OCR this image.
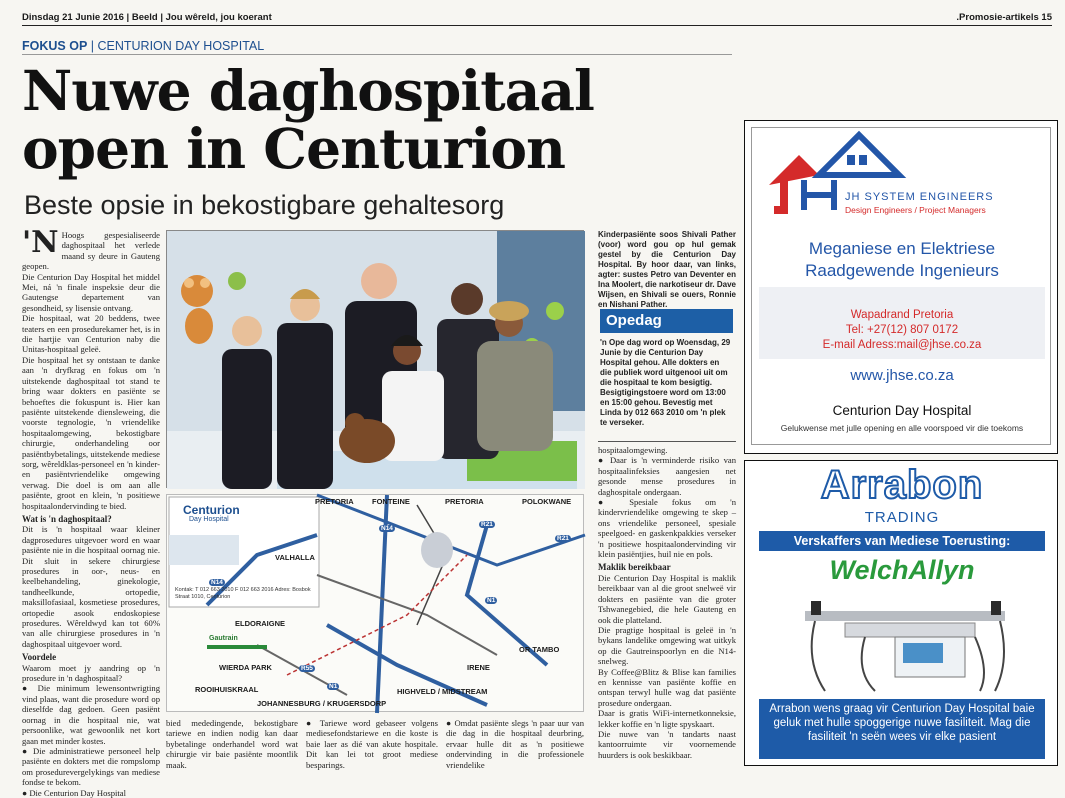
Dinsdag 21 Junie 2016 | Beeld | Jou wêreld, jou koerant	.Promosie-artikels 15
FOKUS OP | CENTURION DAY HOSPITAL
Nuwe daghospitaal
open in Centurion
Beste opsie in bekostigbare gehaltesorg
'N Hoogs gespesialiseerde daghospitaal het verlede maand sy deure in Gauteng geopen.

Die Centurion Day Hospital het middel Mei, ná 'n finale inspeksie deur die Gautengse departement van gesondheid, sy lisensie ontvang.

Die hospitaal, wat 20 beddens, twee teaters en een prosedurekamer het, is in die hartjie van Centurion naby die Unitas-hospitaal geleë.

Die hospitaal het sy ontstaan te danke aan 'n dryfkrag en fokus om 'n uitstekende daghospitaal tot stand te bring waar dokters en pasiënte se behoeftes die fokuspunt is. Hier kan pasiënte uitstekende diensleweing, die voorste tegnologie, 'n vriendelike hospitaalomgewing, bekostigbare chirurgie, onderhandeling oor pasiëntbybetalings, uitstekende mediese sorg, wêreldklas-personeel en 'n kinder- en pasiëntvriendelike omgewing verwag. Die doel is om aan alle pasiënte, groot en klein, 'n positiewe hospitaalondervinding te bied.

Wat is 'n daghospitaal?

Dit is 'n hospitaal waar kleiner dagprosedures uitgevoer word en waar pasiënte nie in die hospitaal oornag nie. Dit sluit in sekere chirurgiese prosedures in oor-, neus- en keelbehandeling, ginekologie, tandheelkunde, ortopedie, maksillofasiaal, kosmetiese prosedures, ortopedie asook endoskopiese prosedures. Wêreldwyd kan tot 60% van alle chirurgiese prosedures in 'n daghospitaal uitgevoer word.

Voordele

Waarom moet jy aandring op 'n prosedure in 'n daghospitaal?

● Die minimum lewensontwrigting vind plaas, want die prosedure word op dieselfde dag gedoen. Geen pasiënt oornag in die hospitaal nie, wat persoonlike, wat gewoonlik net kort gaan met minder kostes.

● Die administratiewe personeel help pasiënte en dokters met die rompslomp om prosedurevergelykings van mediese fondse te bekom.

● Die Centurion Day Hospital

Kinderpasiënte soos Shivali Pather (voor) word gou op hul gemak gestel by die Centurion Day Hospital. By hoor daar, van links, agter: sustes Petro van Deventer en Ina Moolert, die narkotiseur dr. Dave Wijsen, en Shivali se ouers, Ronnie en Nishani Pather.
Opedag
'n Ope dag word op Woensdag, 29 Junie by die Centurion Day Hospital gehou. Alle dokters en die publiek word uitgenooi uit om die hospitaal te kom besigtig. Besigtigingstoere word om 13:00 en 15:00 gehou. Bevestig met Linda by 012 663 2010 om 'n plek te verseker.

hospitaalomgewing.

● Daar is 'n verminderde risiko van hospitaalinfeksies aangesien net gesonde mense prosedures in daghospitale ondergaan.

● Spesiale fokus om 'n kindervriendelike omgewing te skep – ons vriendelike personeel, spesiale speelgoed- en gaskenkpakkies verseker 'n positiewe hospitaalondervinding vir klein pasiëntjies, huil nie en pols.

Maklik bereikbaar

Die Centurion Day Hospital is maklik bereikbaar van al die groot snelweë vir dokters en pasiënte van die groter Tshwanegebied, die hele Gauteng en ook die platteland.

Die pragtige hospitaal is geleë in 'n bykans landelike omgewing wat uitkyk op die Gautreinspoorlyn en die N14-snelweg.

By Coffee@Blitz & Blise kan families en kennisse van pasiënte koffie en ontspan terwyl hulle wag dat pasiënte prosedure ondergaan.

Daar is gratis WiFi-internetkonneksie, lekker koffie en 'n ligte spyskaart.

Die nuwe van 'n tandarts naast kantoorruimte vir voornemende huurders is ook beskikbaar.

Centurion
Day Hospital
Kontak: T 012 663 2010 F 012 663 2016 Adres: Bosbok Straat 1010, Centurion
Gautrain
PRETORIA FONTEINE	PRETORIA	POLOKWANE
VALHALLA
ELDORAIGNE
WIERDA PARK
ROOIHUISKRAAL
IRENE
OR TAMBO
HIGHVELD / MIDSTREAM
JOHANNESBURG / KRUGERSDORP
N14
R21
N1
R55
N14
R21
N1
bied mededingende, bekostigbare tariewe en indien nodig kan daar bybetalinge onderhandel word wat chirurgie vir baie pasiënte moontlik maak.
● Tariewe word gebaseer volgens mediesefondstariewe en die koste is baie laer as dié van akute hospitale. Dit kan lei tot groot mediese besparings.
● Omdat pasiënte slegs 'n paar uur van die dag in die hospitaal deurbring, ervaar hulle dit as 'n positiewe ondervinding in die professionele vriendelike
JH SYSTEM ENGINEERS
Design Engineers / Project Managers
Meganiese en Elektriese
Raadgewende Ingenieurs
Wapadrand Pretoria
Tel: +27(12) 807 0172
E-mail Adress:mail@jhse.co.za
www.jhse.co.za
Centurion Day Hospital
Gelukwense met julle opening en alle voorspoed vir die toekoms
Arrabon
TRADING
Verskaffers van Mediese Toerusting:
WelchAllyn
Arrabon wens graag vir Centurion Day Hospital baie geluk met hulle spoggerige nuwe fasiliteit. Mag die fasiliteit 'n seën wees vir elke pasient
